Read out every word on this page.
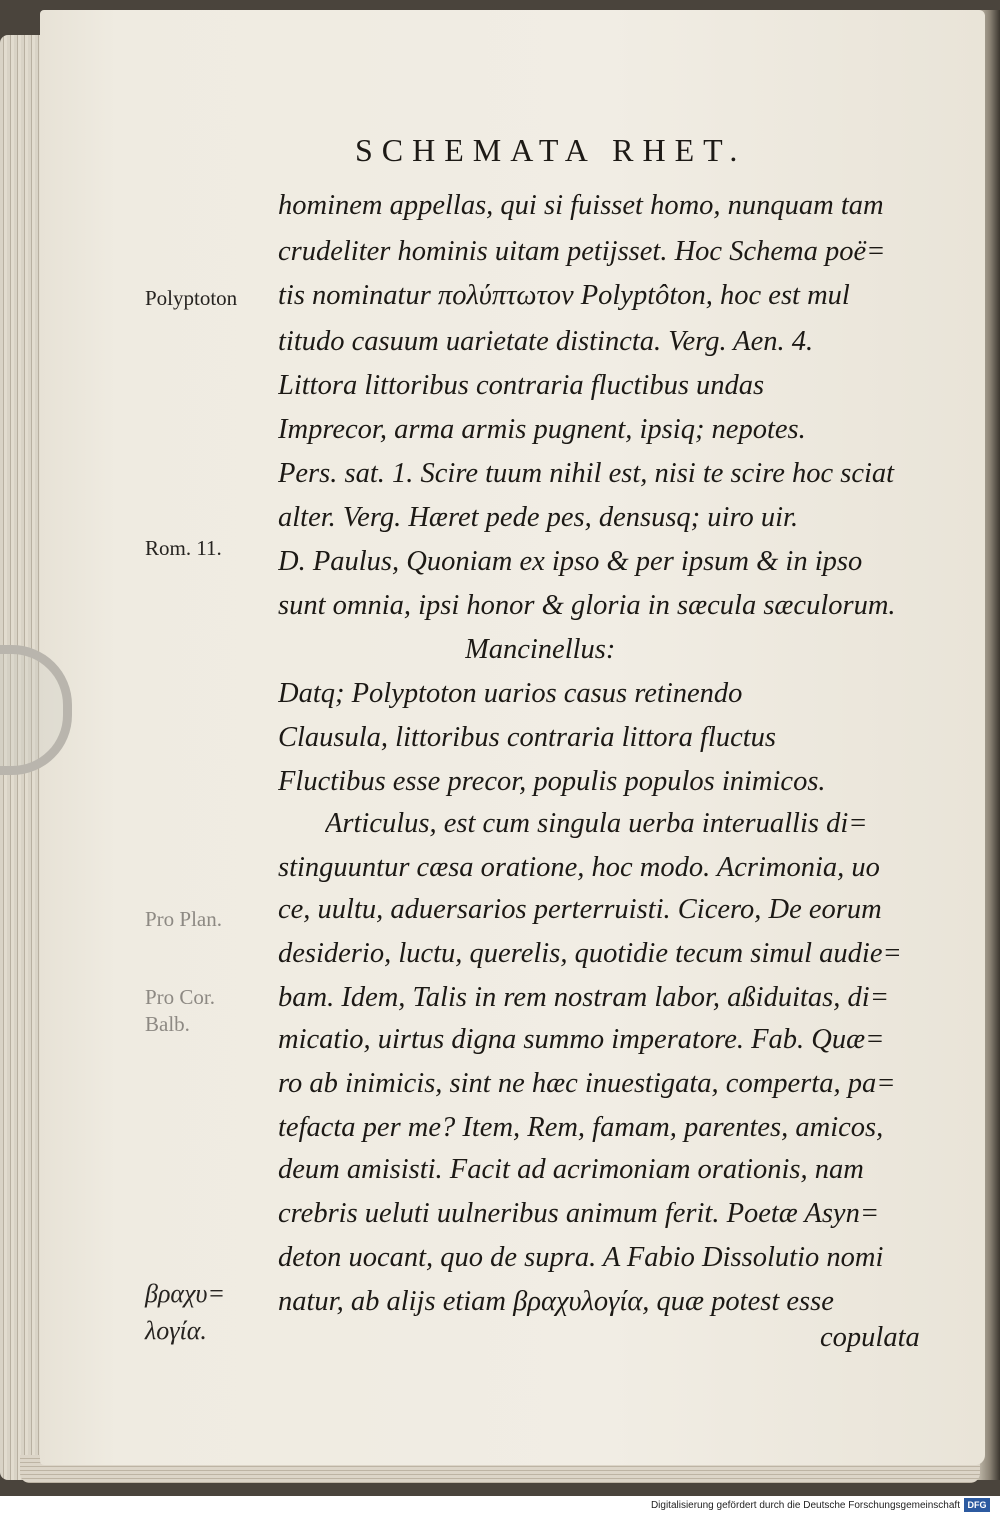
SCHEMATA RHET.
hominem appellas, qui si fuisset homo, nunquam tam
crudeliter hominis uitam petijsset. Hoc Schema poë=
tis nominatur πολύπτωτον Polyptôton, hoc est mul
titudo casuum uarietate distincta. Verg. Aen. 4.
Littora littoribus contraria fluctibus undas
Imprecor, arma armis pugnent, ipsiq; nepotes.
Pers. sat. 1. Scire tuum nihil est, nisi te scire hoc sciat
alter. Verg. Hæret pede pes, densusq; uiro uir.
D. Paulus, Quoniam ex ipso & per ipsum & in ipso
sunt omnia, ipsi honor & gloria in sæcula sæculorum.
Mancinellus:
Datq; Polyptoton uarios casus retinendo
Clausula, littoribus contraria littora fluctus
Fluctibus esse precor, populis populos inimicos.
Articulus, est cum singula uerba interuallis di=
stinguuntur cæsa oratione, hoc modo. Acrimonia, uo
ce, uultu, aduersarios perterruisti. Cicero, De eorum
desiderio, luctu, querelis, quotidie tecum simul audie=
bam. Idem, Talis in rem nostram labor, aßiduitas, di=
micatio, uirtus digna summo imperatore. Fab. Quæ=
ro ab inimicis, sint ne hæc inuestigata, comperta, pa=
tefacta per me? Item, Rem, famam, parentes, amicos,
deum amisisti. Facit ad acrimoniam orationis, nam
crebris ueluti uulneribus animum ferit. Poetæ Asyn=
deton uocant, quo de supra. A Fabio Dissolutio nomi
natur, ab alijs etiam βραχυλογία, quæ potest esse
copulata
Polyptoton
Rom. 11.
Pro Plan.
Pro Cor.
Balb.
βραχυ=
λογία.
Digitalisierung gefördert durch die Deutsche Forschungsgemeinschaft DFG
